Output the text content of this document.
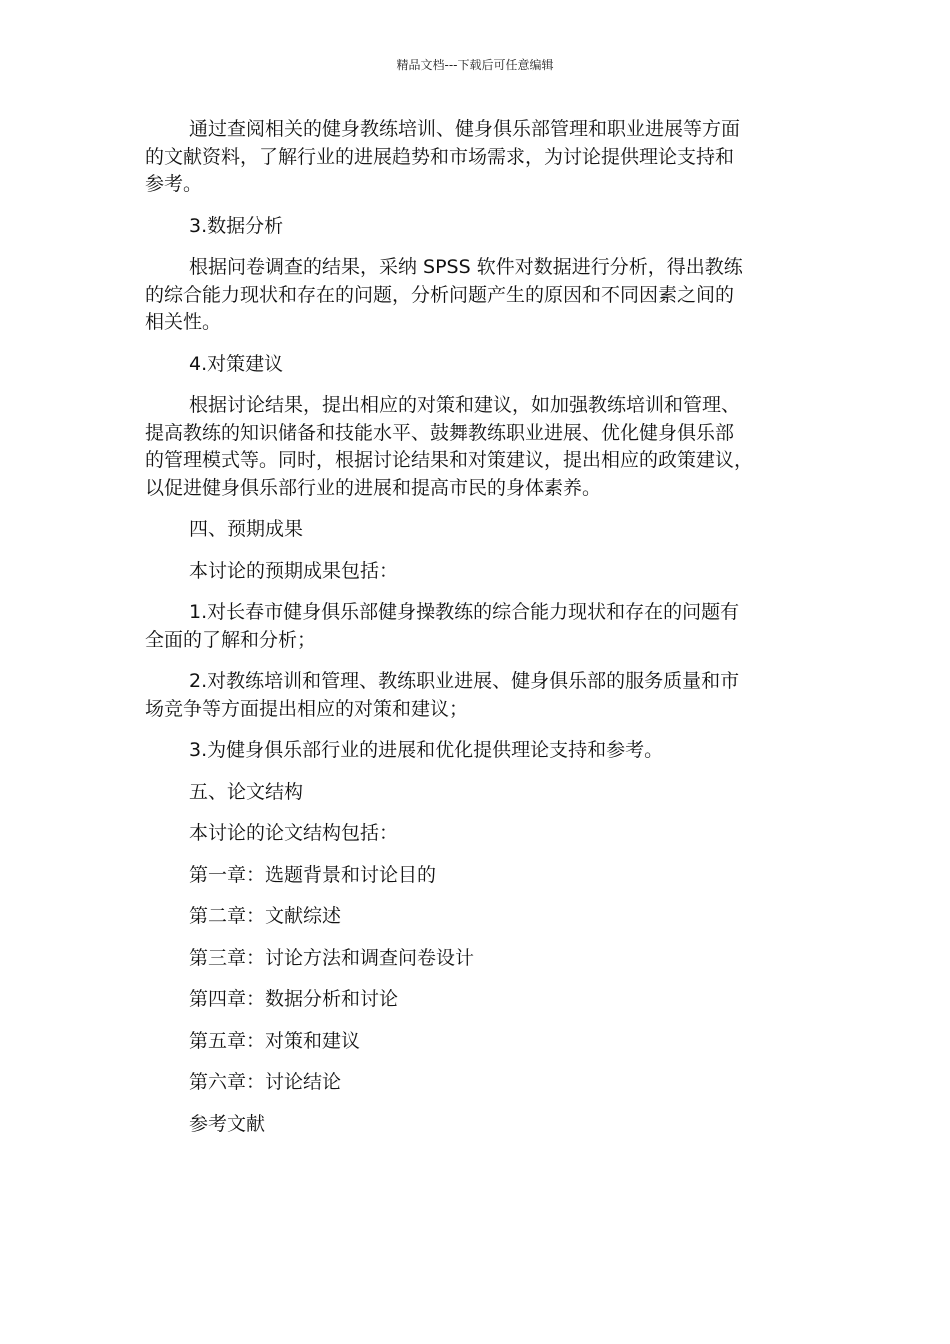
精品文档---下载后可任意编辑

通过查阅相关的健身教练培训、健身俱乐部管理和职业进展等方面
的文献资料，了解行业的进展趋势和市场需求，为讨论提供理论支持和
参考。

3.数据分析

根据问卷调查的结果，采纳 SPSS 软件对数据进行分析，得出教练
的综合能力现状和存在的问题，分析问题产生的原因和不同因素之间的
相关性。

4.对策建议

根据讨论结果，提出相应的对策和建议，如加强教练培训和管理、
提高教练的知识储备和技能水平、鼓舞教练职业进展、优化健身俱乐部
的管理模式等。同时，根据讨论结果和对策建议，提出相应的政策建议，
以促进健身俱乐部行业的进展和提高市民的身体素养。

四、预期成果

本讨论的预期成果包括：

1.对长春市健身俱乐部健身操教练的综合能力现状和存在的问题有
全面的了解和分析；

2.对教练培训和管理、教练职业进展、健身俱乐部的服务质量和市
场竞争等方面提出相应的对策和建议；

3.为健身俱乐部行业的进展和优化提供理论支持和参考。

五、论文结构

本讨论的论文结构包括：

第一章：选题背景和讨论目的

第二章：文献综述

第三章：讨论方法和调查问卷设计

第四章：数据分析和讨论

第五章：对策和建议

第六章：讨论结论

参考文献
